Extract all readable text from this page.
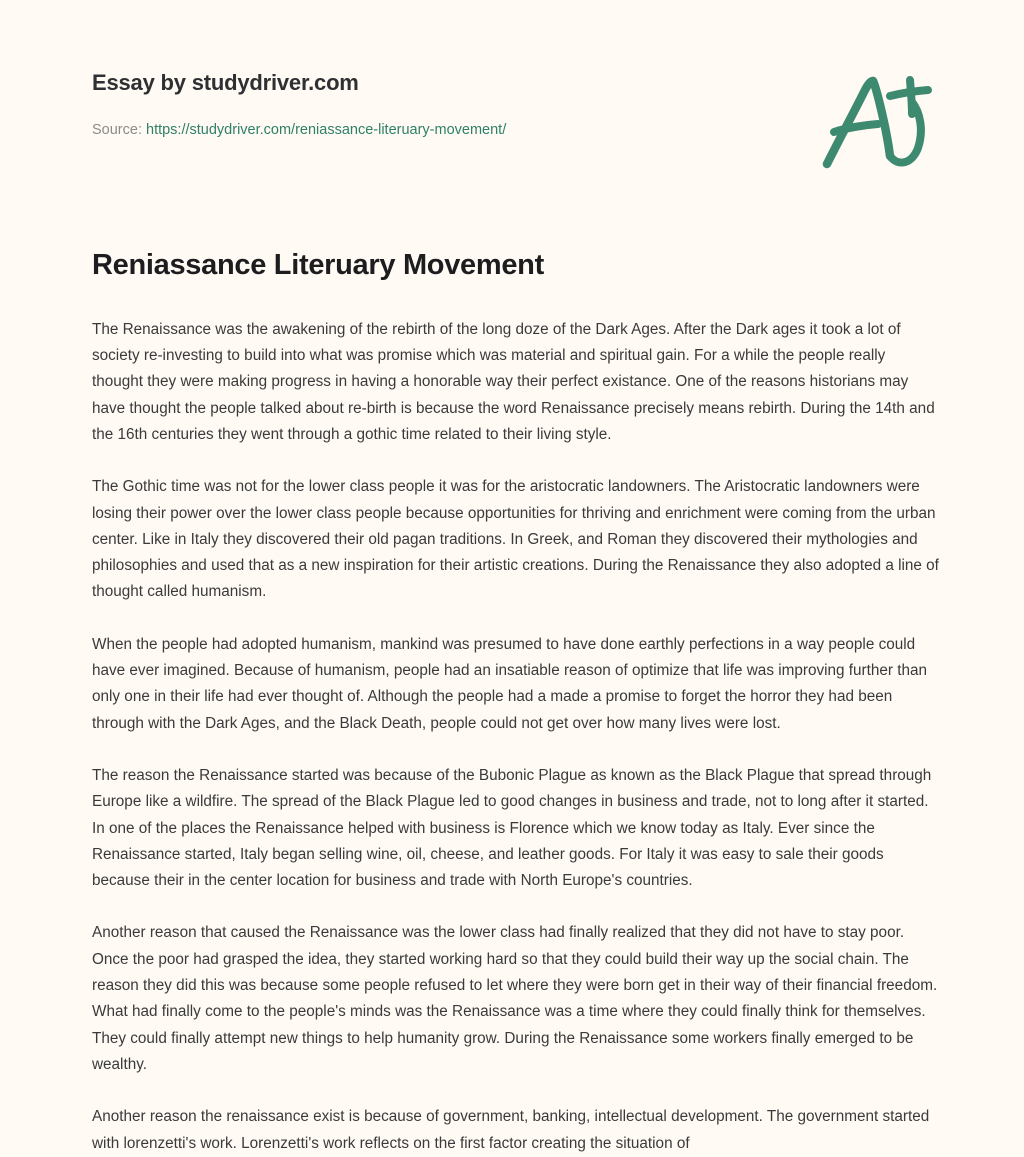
Essay by studydriver.com
Source: https://studydriver.com/reniassance-literuary-movement/
Reniassance Literuary Movement

The Renaissance was the awakening of the rebirth of the long doze of the Dark Ages. After the Dark ages it took a lot of society re-investing to build into what was promise which was material and spiritual gain. For a while the people really thought they were making progress in having a honorable way their perfect existance. One of the reasons historians may have thought the people talked about re-birth is because the word Renaissance precisely means rebirth. During the 14th and the 16th centuries they went through a gothic time related to their living style.

The Gothic time was not for the lower class people it was for the aristocratic landowners. The Aristocratic landowners were losing their power over the lower class people because opportunities for thriving and enrichment were coming from the urban center. Like in Italy they discovered their old pagan traditions. In Greek, and Roman they discovered their mythologies and philosophies and used that as a new inspiration for their artistic creations. During the Renaissance they also adopted a line of thought called humanism.

When the people had adopted humanism, mankind was presumed to have done earthly perfections in a way people could have ever imagined. Because of humanism, people had an insatiable reason of optimize that life was improving further than only one in their life had ever thought of. Although the people had a made a promise to forget the horror they had been through with the Dark Ages, and the Black Death, people could not get over how many lives were lost.

The reason the Renaissance started was because of the Bubonic Plague as known as the Black Plague that spread through Europe like a wildfire. The spread of the Black Plague led to good changes in business and trade, not to long after it started. In one of the places the Renaissance helped with business is Florence which we know today as Italy. Ever since the Renaissance started, Italy began selling wine, oil, cheese, and leather goods. For Italy it was easy to sale their goods because their in the center location for business and trade with North Europe's countries.

Another reason that caused the Renaissance was the lower class had finally realized that they did not have to stay poor. Once the poor had grasped the idea, they started working hard so that they could build their way up the social chain. The reason they did this was because some people refused to let where they were born get in their way of their financial freedom. What had finally come to the people's minds was the Renaissance was a time where they could finally think for themselves. They could finally attempt new things to help humanity grow. During the Renaissance some workers finally emerged to be wealthy.

Another reason the renaissance exist is because of government, banking, intellectual development. The government started with lorenzetti's work. Lorenzetti's work reflects on the first factor creating the situation of
